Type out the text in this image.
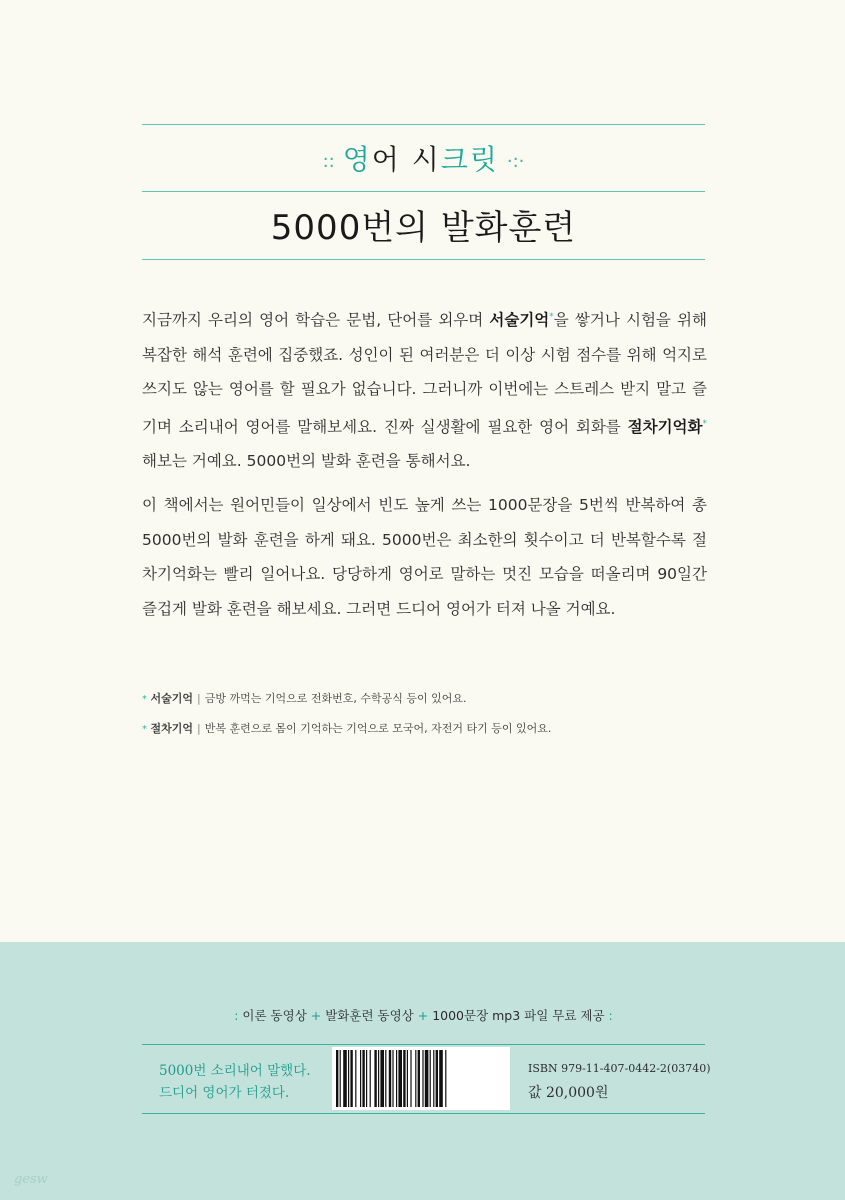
:: 영어 시크릿 ·:·
5000번의 발화훈련

지금까지 우리의 영어 학습은 문법, 단어를 외우며 서술기억*을 쌓거나 시험을 위해 복잡한 해석 훈련에 집중했죠. 성인이 된 여러분은 더 이상 시험 점수를 위해 억지로 쓰지도 않는 영어를 할 필요가 없습니다. 그러니까 이번에는 스트레스 받지 말고 즐기며 소리내어 영어를 말해보세요. 진짜 실생활에 필요한 영어 회화를 절차기억화* 해보는 거예요. 5000번의 발화 훈련을 통해서요.

이 책에서는 원어민들이 일상에서 빈도 높게 쓰는 1000문장을 5번씩 반복하여 총 5000번의 발화 훈련을 하게 돼요. 5000번은 최소한의 횟수이고 더 반복할수록 절차기억화는 빨리 일어나요. 당당하게 영어로 말하는 멋진 모습을 떠올리며 90일간 즐겁게 발화 훈련을 해보세요. 그러면 드디어 영어가 터져 나올 거예요.

* 서술기억 | 금방 까먹는 기억으로 전화번호, 수학공식 등이 있어요.
* 절차기억 | 반복 훈련으로 몸이 기억하는 기억으로 모국어, 자전거 타기 등이 있어요.
: 이론 동영상 + 발화훈련 동영상 + 1000문장 mp3 파일 무료 제공 :
5000번 소리내어 말했다.
드디어 영어가 터졌다.
ISBN 979-11-407-0442-2(03740)
값 20,000원
gesw
